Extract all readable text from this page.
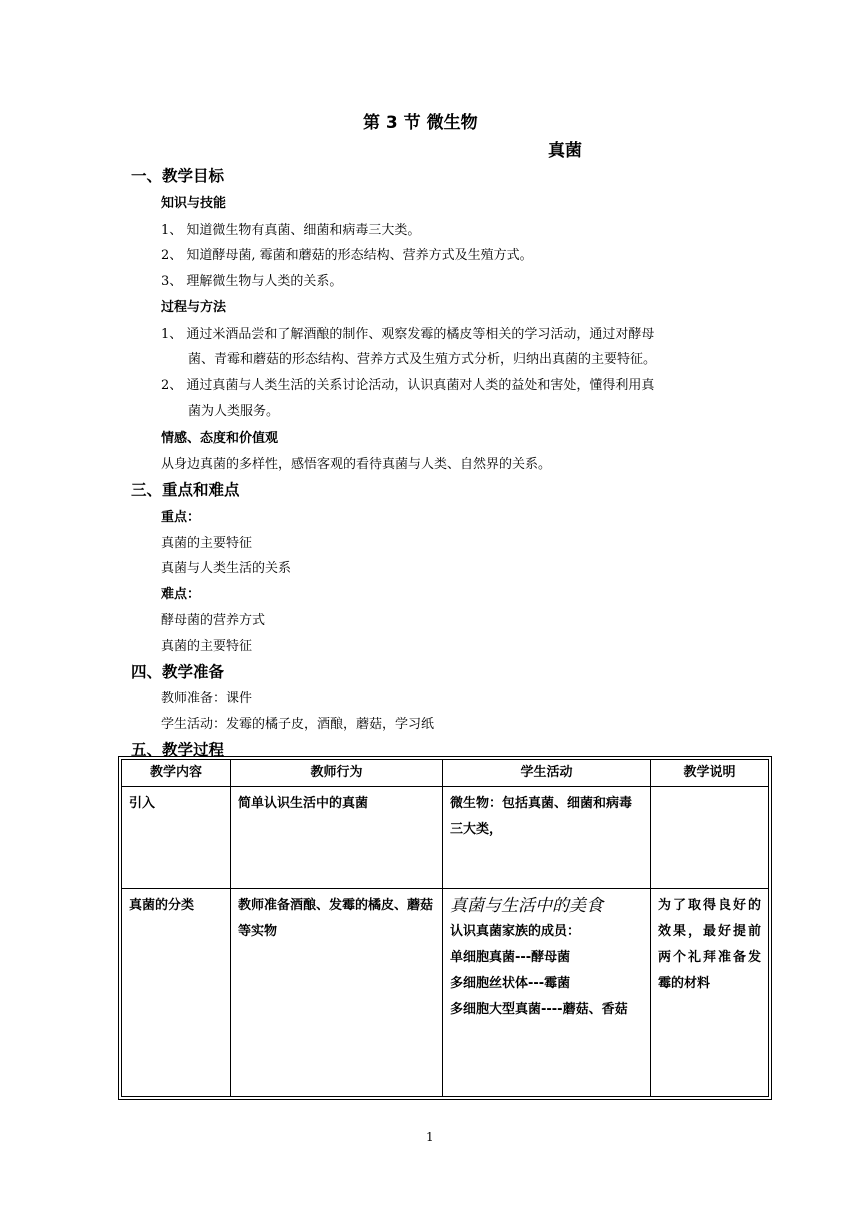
第 3 节 微生物
真菌
一、教学目标
知识与技能
1、 知道微生物有真菌、细菌和病毒三大类。
2、 知道酵母菌, 霉菌和蘑菇的形态结构、营养方式及生殖方式。
3、 理解微生物与人类的关系。
过程与方法
1、 通过米酒品尝和了解酒酿的制作、观察发霉的橘皮等相关的学习活动，通过对酵母
菌、青霉和蘑菇的形态结构、营养方式及生殖方式分析，归纳出真菌的主要特征。
2、 通过真菌与人类生活的关系讨论活动，认识真菌对人类的益处和害处，懂得利用真
菌为人类服务。
情感、态度和价值观
从身边真菌的多样性，感悟客观的看待真菌与人类、自然界的关系。
三、重点和难点
重点：
真菌的主要特征
真菌与人类生活的关系
难点：
酵母菌的营养方式
真菌的主要特征
四、教学准备
教师准备：课件
学生活动：发霉的橘子皮，酒酿，蘑菇，学习纸
五、教学过程
教学内容	教师行为	学生活动	教学说明
引入	简单认识生活中的真菌	微生物：包括真菌、细菌和病毒三大类，	
真菌的分类	教师准备酒酿、发霉的橘皮、蘑菇等实物	真菌与生活中的美食
认识真菌家族的成员：
单细胞真菌---酵母菌
多细胞丝状体---霉菌
多细胞大型真菌----蘑菇、香菇	为了取得良好的效果，最好提前两个礼拜准备发霉的材料
1
